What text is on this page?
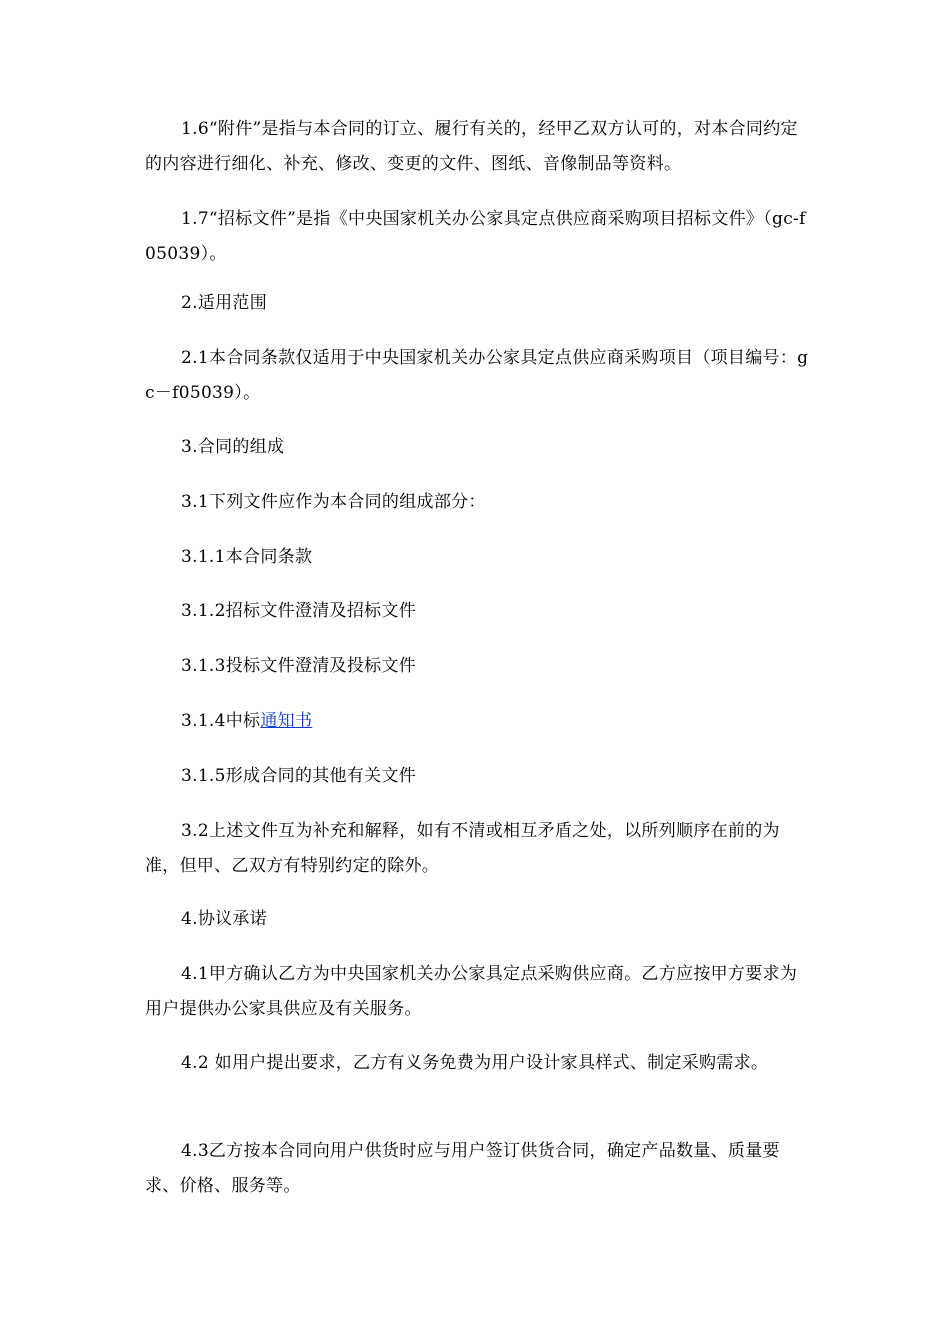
1.6“附件”是指与本合同的订立、履行有关的，经甲乙双方认可的，对本合同约定的内容进行细化、补充、修改、变更的文件、图纸、音像制品等资料。

1.7“招标文件”是指《中央国家机关办公家具定点供应商采购项目招标文件》（gc-f05039）。

2.适用范围

2.1本合同条款仅适用于中央国家机关办公家具定点供应商采购项目（项目编号：gc－f05039）。

3.合同的组成

3.1下列文件应作为本合同的组成部分：

3.1.1本合同条款

3.1.2招标文件澄清及招标文件

3.1.3投标文件澄清及投标文件

3.1.4中标通知书

3.1.5形成合同的其他有关文件

3.2上述文件互为补充和解释，如有不清或相互矛盾之处，以所列顺序在前的为准，但甲、乙双方有特别约定的除外。

4.协议承诺

4.1甲方确认乙方为中央国家机关办公家具定点采购供应商。乙方应按甲方要求为用户提供办公家具供应及有关服务。

4.2 如用户提出要求，乙方有义务免费为用户设计家具样式、制定采购需求。

4.3乙方按本合同向用户供货时应与用户签订供货合同，确定产品数量、质量要求、价格、服务等。
